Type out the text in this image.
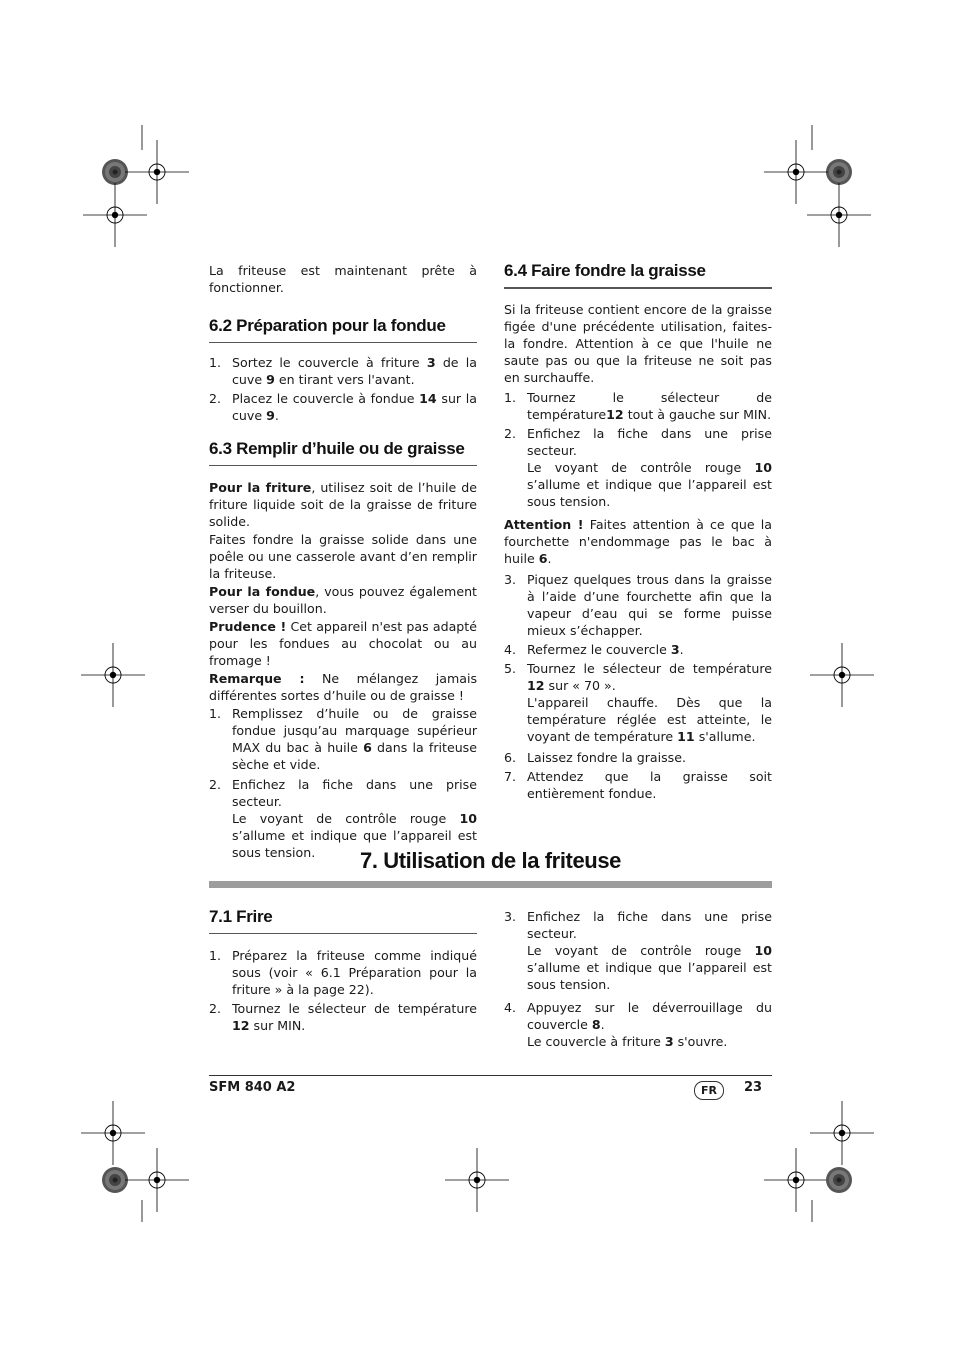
La friteuse est maintenant prête à fonctionner.

6.2 Préparation pour la fondue
1. Sortez le couvercle à friture 3 de la cuve 9 en tirant vers l'avant.
2. Placez le couvercle à fondue 14 sur la cuve 9.
6.3 Remplir d’huile ou de graisse

Pour la friture, utilisez soit de l’huile de friture liquide soit de la graisse de friture solide.

Faites fondre la graisse solide dans une poêle ou une casserole avant d’en remplir la friteuse.

Pour la fondue, vous pouvez également verser du bouillon.

Prudence ! Cet appareil n'est pas adapté pour les fondues au chocolat ou au fromage !

Remarque : Ne mélangez jamais différentes sortes d’huile ou de graisse !

1. Remplissez d’huile ou de graisse fondue jusqu’au marquage supérieur MAX du bac à huile 6 dans la friteuse sèche et vide.
2. Enfichez la fiche dans une prise secteur.

Le voyant de contrôle rouge 10 s’allume et indique que l’appareil est sous tension.

6.4 Faire fondre la graisse

Si la friteuse contient encore de la graisse figée d'une précédente utilisation, faites-la fondre. Attention à ce que l'huile ne saute pas ou que la friteuse ne soit pas en surchauffe.

1. Tournez le sélecteur de température12 tout à gauche sur MIN.
2. Enfichez la fiche dans une prise secteur.

Le voyant de contrôle rouge 10 s’allume et indique que l’appareil est sous tension.

Attention ! Faites attention à ce que la fourchette n'endommage pas le bac à huile 6.

3. Piquez quelques trous dans la graisse à l’aide d’une fourchette afin que la vapeur d’eau qui se forme puisse mieux s’échapper.
4. Refermez le couvercle 3.
5. Tournez le sélecteur de température 12 sur « 70 ».

L'appareil chauffe. Dès que la température réglée est atteinte, le voyant de température 11 s'allume.

6. Laissez fondre la graisse.
7. Attendez que la graisse soit entièrement fondue.
7. Utilisation de la friteuse
7.1 Frire
1. Préparez la friteuse comme indiqué sous (voir « 6.1 Préparation pour la friture » à la page 22).
2. Tournez le sélecteur de température 12 sur MIN.
3. Enfichez la fiche dans une prise secteur.

Le voyant de contrôle rouge 10 s’allume et indique que l’appareil est sous tension.

4. Appuyez sur le déverrouillage du couvercle 8.

Le couvercle à friture 3 s'ouvre.

SFM 840 A2	FR	23
